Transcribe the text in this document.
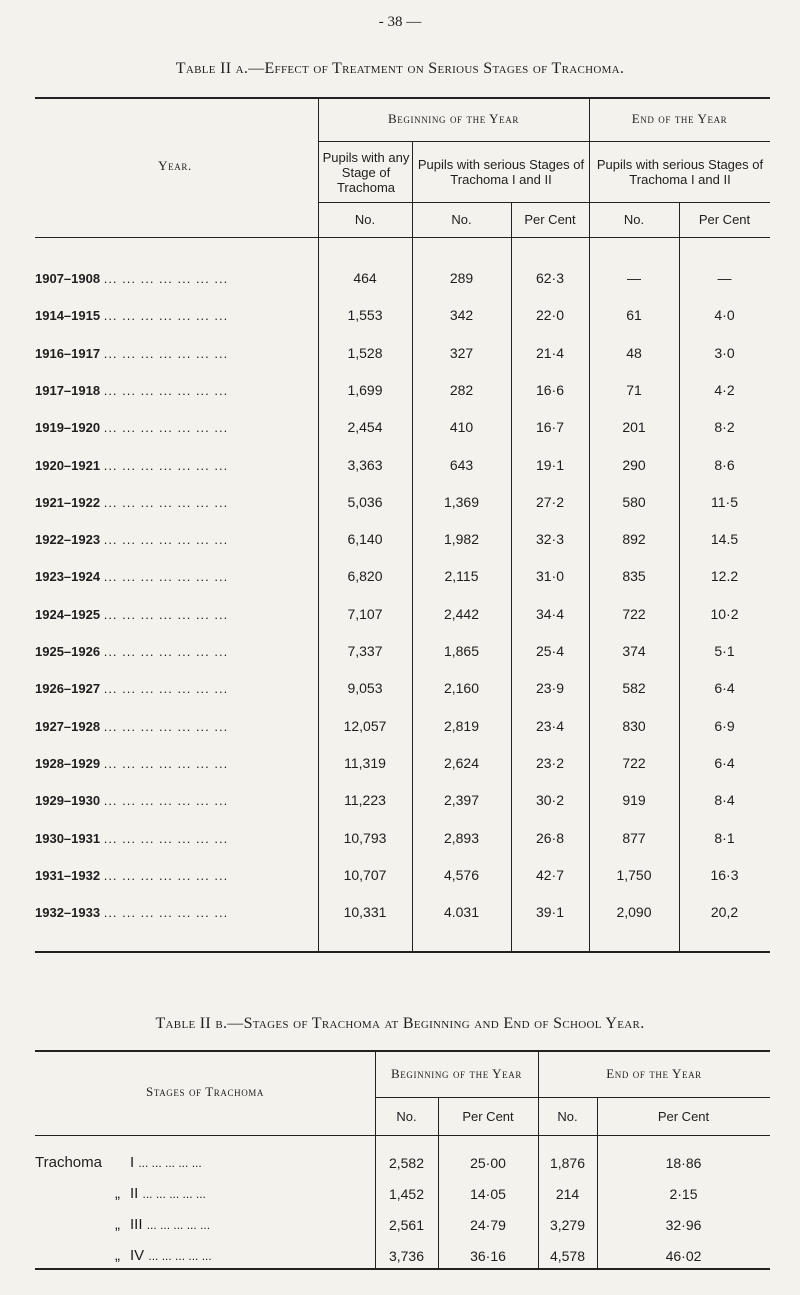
- 38 —
Table II a.—Effect of Treatment on Serious Stages of Trachoma.
Beginning of the Year	End of the Year
Year.
Pupils with any Stage of Trachoma
Pupils with serious Stages of Trachoma I and II
Pupils with serious Stages of Trachoma I and II
No.	No.	Per Cent	No.	Per Cent
1907–1908 ... ... ... ... ... ... ...	464	289	62·3	—	—
1914–1915 ... ... ... ... ... ... ...	1,553	342	22·0	61	4·0
1916–1917 ... ... ... ... ... ... ...	1,528	327	21·4	48	3·0
1917–1918 ... ... ... ... ... ... ...	1,699	282	16·6	71	4·2
1919–1920 ... ... ... ... ... ... ...	2,454	410	16·7	201	8·2
1920–1921 ... ... ... ... ... ... ...	3,363	643	19·1	290	8·6
1921–1922 ... ... ... ... ... ... ...	5,036	1,369	27·2	580	11·5
1922–1923 ... ... ... ... ... ... ...	6,140	1,982	32·3	892	14.5
1923–1924 ... ... ... ... ... ... ...	6,820	2,115	31·0	835	12.2
1924–1925 ... ... ... ... ... ... ...	7,107	2,442	34·4	722	10·2
1925–1926 ... ... ... ... ... ... ...	7,337	1,865	25·4	374	5·1
1926–1927 ... ... ... ... ... ... ...	9,053	2,160	23·9	582	6·4
1927–1928 ... ... ... ... ... ... ...	12,057	2,819	23·4	830	6·9
1928–1929 ... ... ... ... ... ... ...	11,319	2,624	23·2	722	6·4
1929–1930 ... ... ... ... ... ... ...	11,223	2,397	30·2	919	8·4
1930–1931 ... ... ... ... ... ... ...	10,793	2,893	26·8	877	8·1
1931–1932 ... ... ... ... ... ... ...	10,707	4,576	42·7	1,750	16·3
1932–1933 ... ... ... ... ... ... ...	10,331	4.031	39·1	2,090	20,2
Table II b.—Stages of Trachoma at Beginning and End of School Year.
Stages of Trachoma
Beginning of the Year	End of the Year
No.	Per Cent	No.	Per Cent
Trachoma I ... ... ... ... ...	2,582	25·00	1,876	18·86
„ II ... ... ... ... ...	1,452	14·05	214	2·15
„ III ... ... ... ... ...	2,561	24·79	3,279	32·96
„ IV ... ... ... ... ...	3,736	36·16	4,578	46·02
